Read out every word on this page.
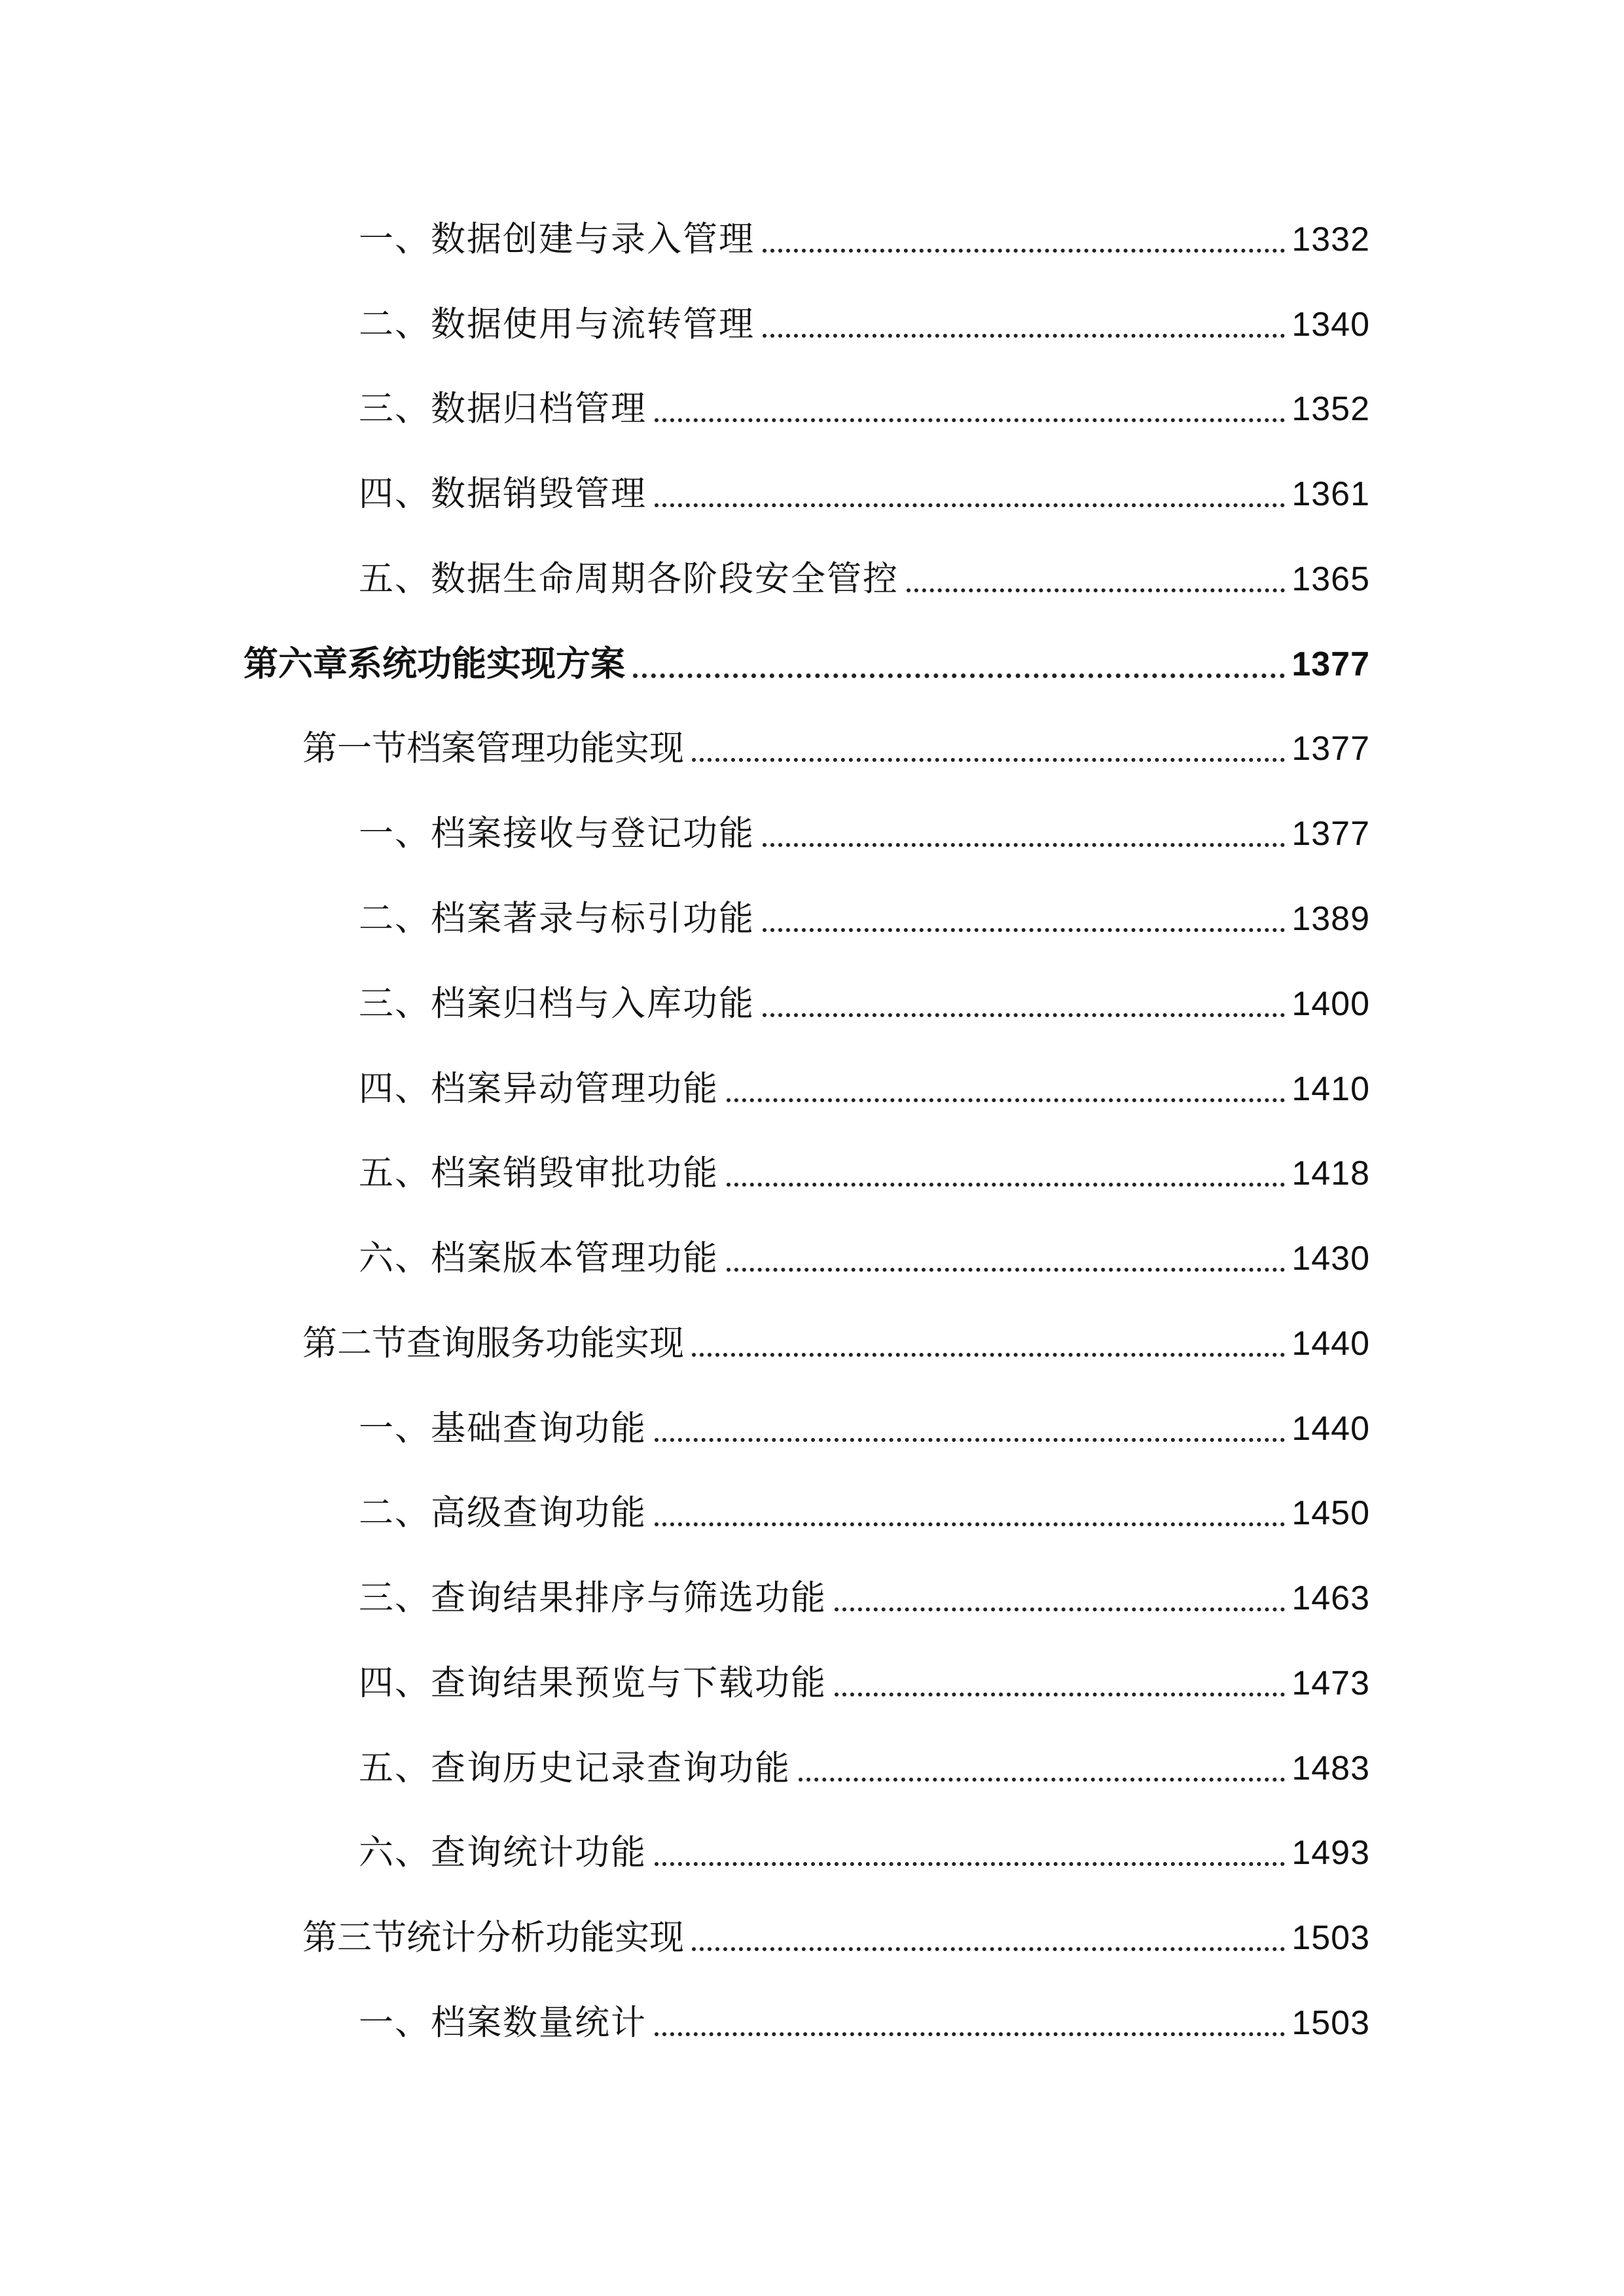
一、数据创建与录入管理	1332
二、数据使用与流转管理	1340
三、数据归档管理	1352
四、数据销毁管理	1361
五、数据生命周期各阶段安全管控	1365
第六章系统功能实现方案	1377
第一节档案管理功能实现	1377
一、档案接收与登记功能	1377
二、档案著录与标引功能	1389
三、档案归档与入库功能	1400
四、档案异动管理功能	1410
五、档案销毁审批功能	1418
六、档案版本管理功能	1430
第二节查询服务功能实现	1440
一、基础查询功能	1440
二、高级查询功能	1450
三、查询结果排序与筛选功能	1463
四、查询结果预览与下载功能	1473
五、查询历史记录查询功能	1483
六、查询统计功能	1493
第三节统计分析功能实现	1503
一、档案数量统计	1503
